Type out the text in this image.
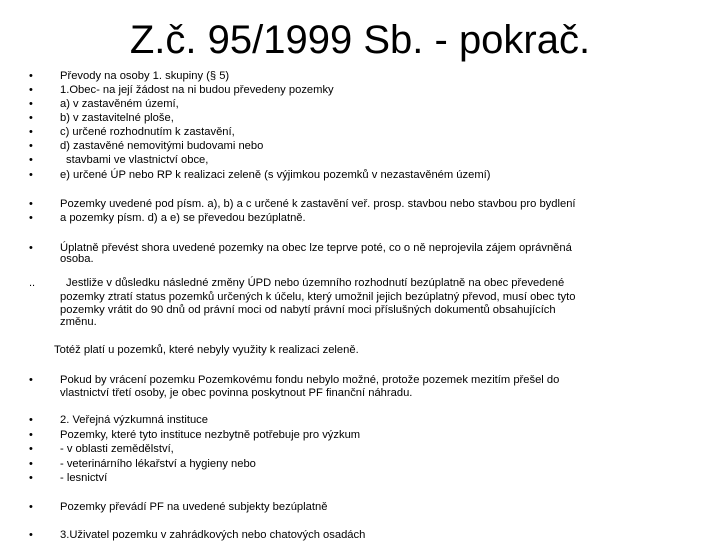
Z.č. 95/1999 Sb. - pokrač.
•	Převody na osoby 1. skupiny (§ 5)
•	1.Obec- na její žádost na ni budou převedeny pozemky
•	a) v zastavěném území,
•	b) v zastavitelné ploše,
•	c) určené rozhodnutím k zastavění,
•	d) zastavěné nemovitými budovami nebo
•	stavbami ve vlastnictví obce,
•	e) určené ÚP nebo RP k realizaci zeleně (s výjimkou pozemků v nezastavěném území)
•	Pozemky uvedené pod písm. a), b) a c určené k zastavění veř. prosp. stavbou nebo stavbou pro bydlení
•	a pozemky písm. d) a e) se převedou bezúplatně.
•	Úplatně převést shora uvedené pozemky na obec lze teprve poté, co o ně neprojevila zájem oprávněná
osoba.
..	Jestliže v důsledku následné změny ÚPD nebo územního rozhodnutí bezúplatně na obec převedené
pozemky ztratí status pozemků určených k účelu, který umožnil jejich bezúplatný převod, musí obec tyto
pozemky vrátit do 90 dnů od právní moci od nabytí právní moci příslušných dokumentů obsahujících
změnu.
Totéž platí u pozemků, které nebyly využity k realizaci zeleně.
•	Pokud by vrácení pozemku Pozemkovému fondu nebylo možné, protože pozemek mezitím přešel do
vlastnictví třetí osoby, je obec povinna poskytnout PF finanční náhradu.
•	2. Veřejná výzkumná instituce
•	Pozemky, které tyto instituce nezbytně potřebuje pro výzkum
•	- v oblasti zemědělství,
•	- veterinárního lékařství a hygieny nebo
•	- lesnictví
•	Pozemky převádí PF na uvedené subjekty bezúplatně
•	3.Uživatel pozemku v zahrádkových nebo chatových osadách
